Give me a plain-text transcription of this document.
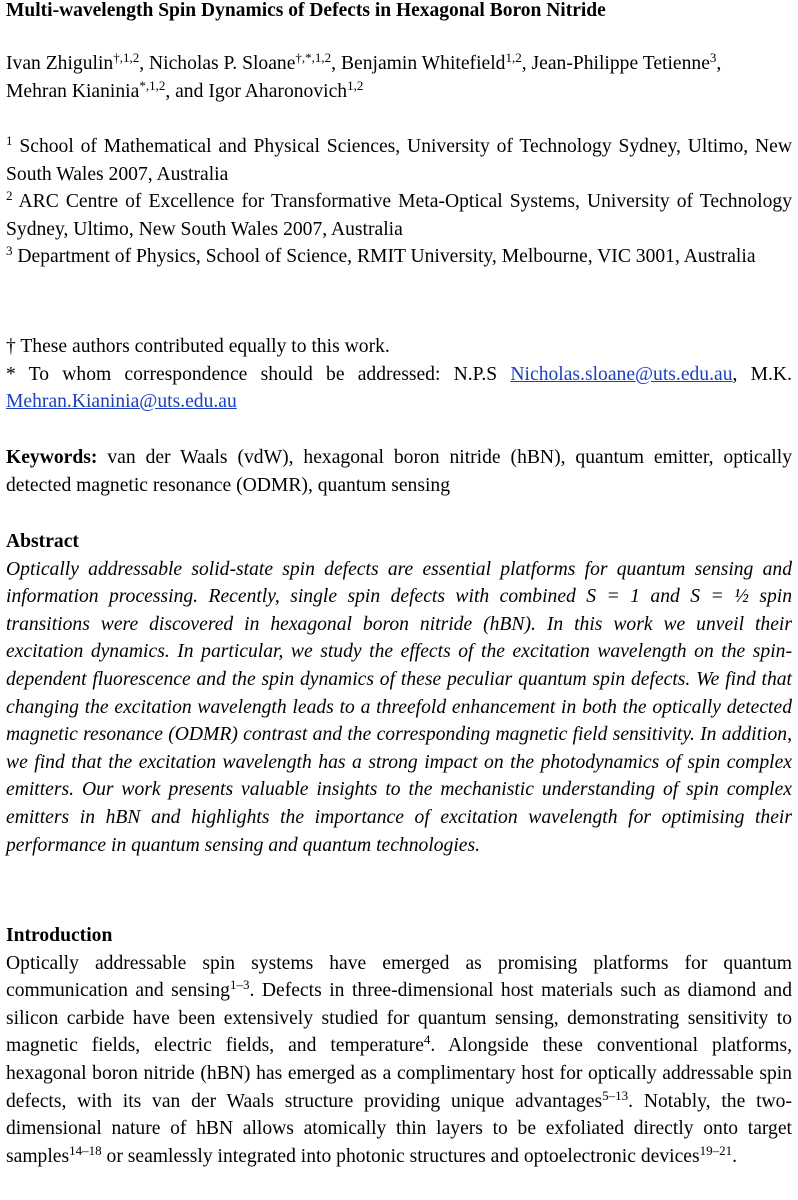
Multi-wavelength Spin Dynamics of Defects in Hexagonal Boron Nitride

Ivan Zhigulin$^{\dagger,1,2}$, Nicholas P. Sloane$^{\dagger,*,1,2}$, Benjamin Whitefield$^{1,2}$, Jean-Philippe Tetienne$^3$,
Mehran Kianinia$^{*,1,2}$, and Igor Aharonovich$^{1,2}$

$^1$ School of Mathematical and Physical Sciences, University of Technology Sydney, Ultimo, New South Wales 2007, Australia

$^2$ ARC Centre of Excellence for Transformative Meta-Optical Systems, University of Technology Sydney, Ultimo, New South Wales 2007, Australia

$^3$ Department of Physics, School of Science, RMIT University, Melbourne, VIC 3001, Australia

† These authors contributed equally to this work.

* To whom correspondence should be addressed: N.P.S Nicholas.sloane@uts.edu.au, M.K. Mehran.Kianinia@uts.edu.au

Keywords: van der Waals (vdW), hexagonal boron nitride (hBN), quantum emitter, optically detected magnetic resonance (ODMR), quantum sensing

Abstract

Optically addressable solid-state spin defects are essential platforms for quantum sensing and information processing. Recently, single spin defects with combined S = 1 and S = ½ spin transitions were discovered in hexagonal boron nitride (hBN). In this work we unveil their excitation dynamics. In particular, we study the effects of the excitation wavelength on the spin-dependent fluorescence and the spin dynamics of these peculiar quantum spin defects. We find that changing the excitation wavelength leads to a threefold enhancement in both the optically detected magnetic resonance (ODMR) contrast and the corresponding magnetic field sensitivity. In addition, we find that the excitation wavelength has a strong impact on the photodynamics of spin complex emitters. Our work presents valuable insights to the mechanistic understanding of spin complex emitters in hBN and highlights the importance of excitation wavelength for optimising their performance in quantum sensing and quantum technologies.

Introduction

Optically addressable spin systems have emerged as promising platforms for quantum communication and sensing$^{1-3}$. Defects in three-dimensional host materials such as diamond and silicon carbide have been extensively studied for quantum sensing, demonstrating sensitivity to magnetic fields, electric fields, and temperature$^4$. Alongside these conventional platforms, hexagonal boron nitride (hBN) has emerged as a complimentary host for optically addressable spin defects, with its van der Waals structure providing unique advantages$^{5-13}$. Notably, the two-dimensional nature of hBN allows atomically thin layers to be exfoliated directly onto target samples$^{14-18}$ or seamlessly integrated into photonic structures and optoelectronic devices$^{19-21}$.
